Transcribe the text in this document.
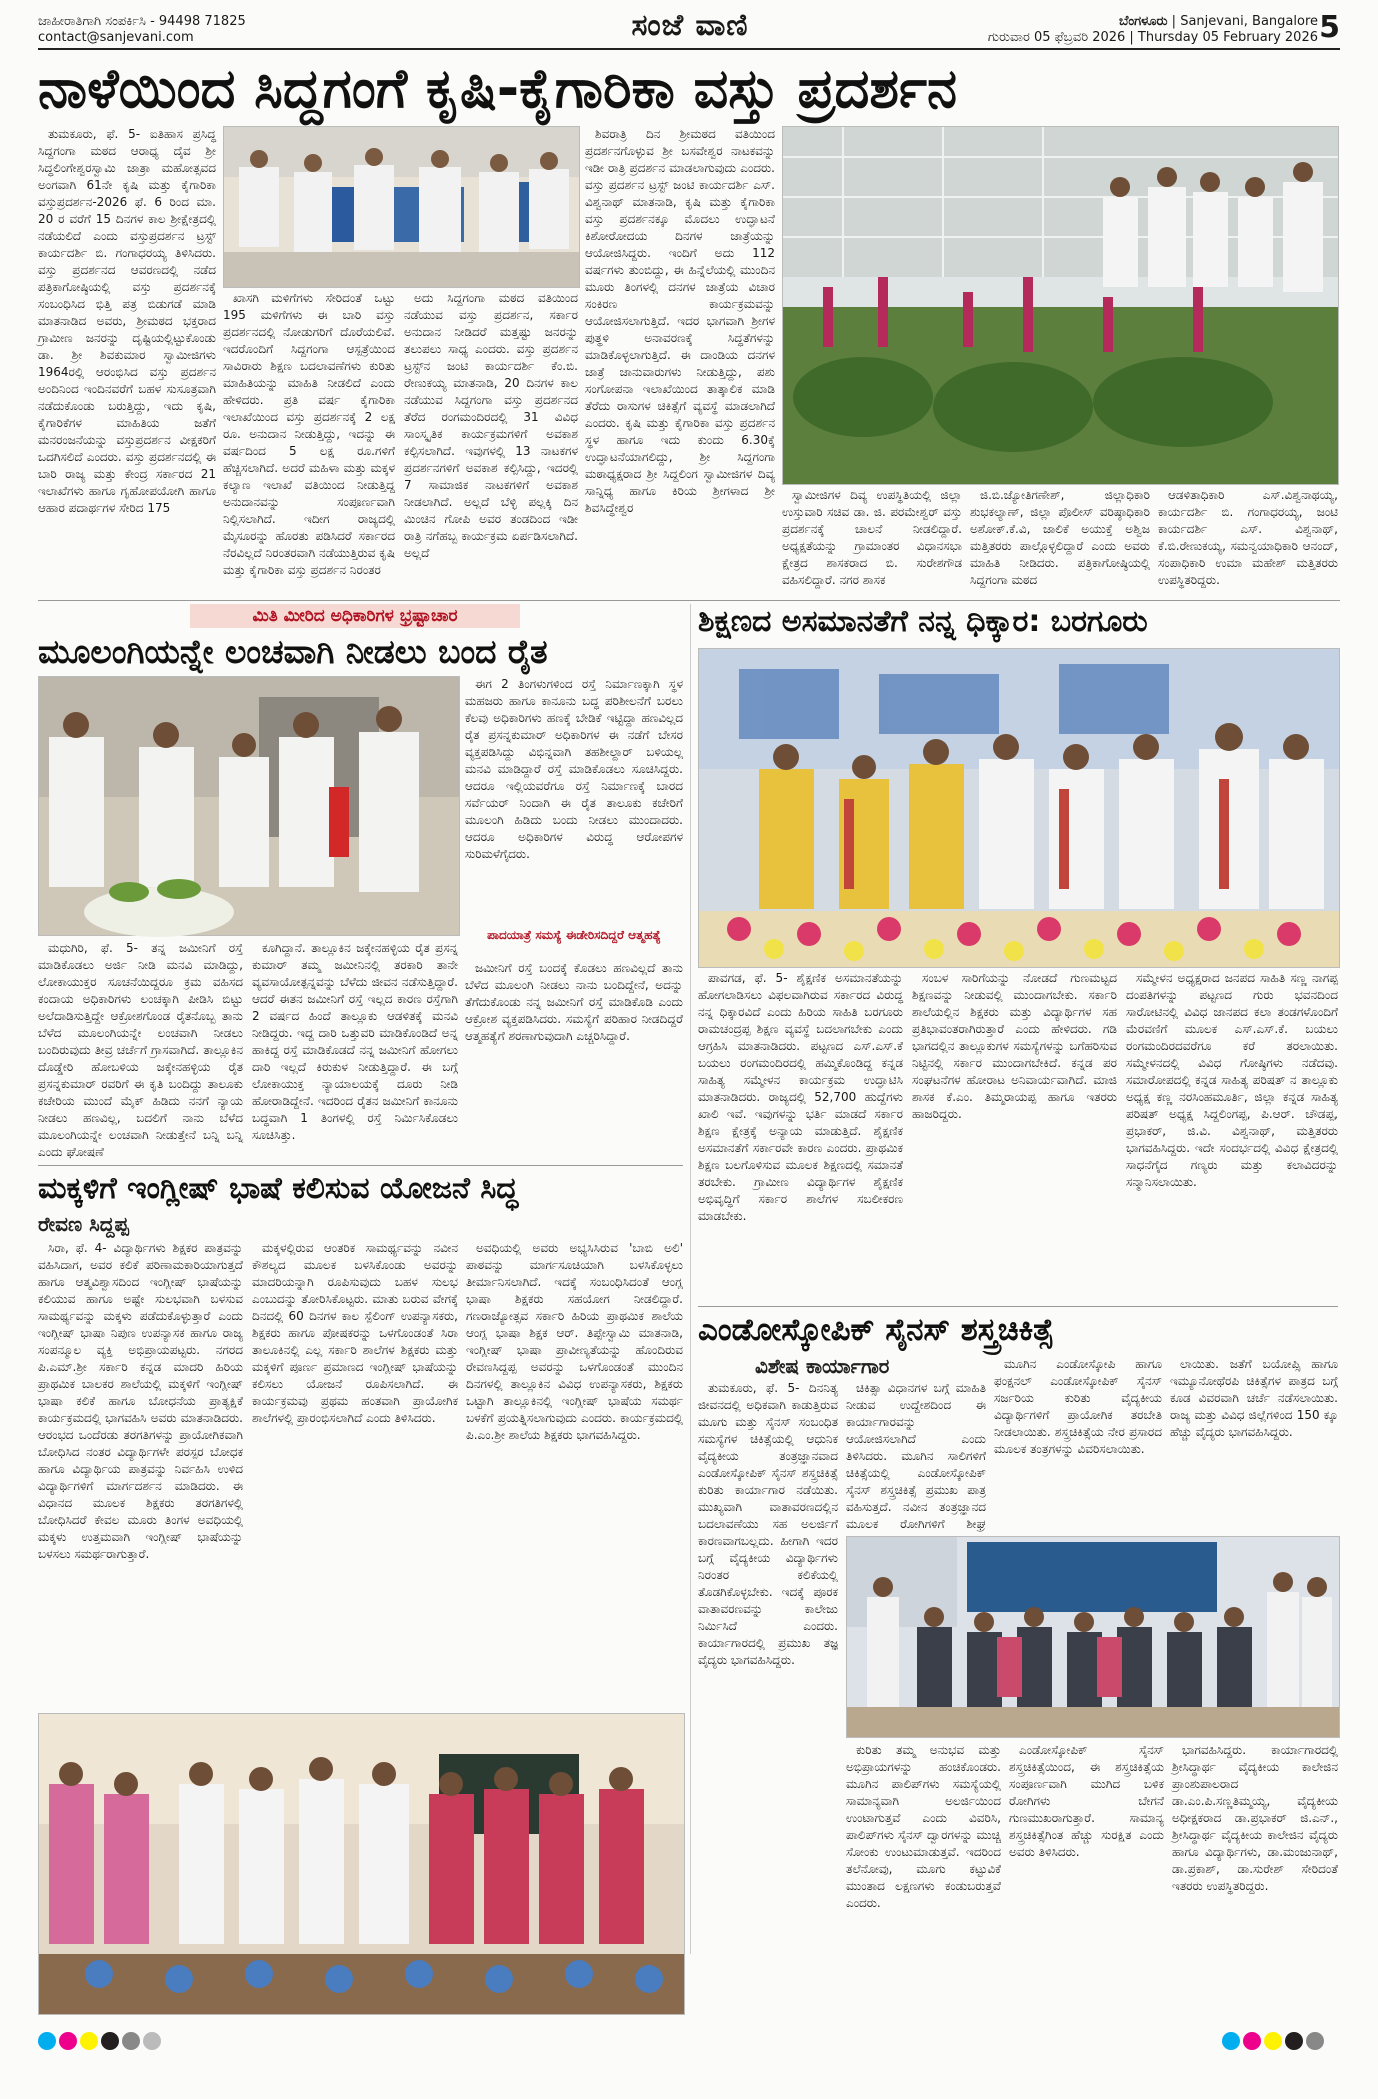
ಜಾಹೀರಾತಿಗಾಗಿ ಸಂಪರ್ಕಿಸಿ - 94498 71825
contact@sanjevani.com	ಸಂಜೆ ವಾಣಿ	ಬೆಂಗಳೂರು | Sanjevani, Bangalore
ಗುರುವಾರ 05 ಫೆಬ್ರವರಿ 2026 | Thursday 05 February 2026 5
ನಾಳೆಯಿಂದ ಸಿದ್ದಗಂಗೆ ಕೃಷಿ-ಕೈಗಾರಿಕಾ ವಸ್ತು ಪ್ರದರ್ಶನ

ತುಮಕೂರು, ಫೆ. 5- ಐತಿಹಾಸ ಪ್ರಸಿದ್ಧ ಸಿದ್ದಗಂಗಾ ಮಠದ ಆರಾಧ್ಯ ದೈವ ಶ್ರೀ ಸಿದ್ಧಲಿಂಗೇಶ್ವರಸ್ವಾಮಿ ಜಾತ್ರಾ ಮಹೋತ್ಸವದ ಅಂಗವಾಗಿ 61ನೇ ಕೃಷಿ ಮತ್ತು ಕೈಗಾರಿಕಾ ವಸ್ತುಪ್ರದರ್ಶನ-2026 ಫೆ. 6 ರಿಂದ ಮಾ. 20 ರ ವರೆಗೆ 15 ದಿನಗಳ ಕಾಲ ಶ್ರೀಕ್ಷೇತ್ರದಲ್ಲಿ ನಡೆಯಲಿದೆ ಎಂದು ವಸ್ತುಪ್ರದರ್ಶನ ಟ್ರಸ್ಟ್ ಕಾರ್ಯದರ್ಶಿ ಬಿ. ಗಂಗಾಧರಯ್ಯ ತಿಳಿಸಿದರು. ವಸ್ತು ಪ್ರದರ್ಶನದ ಆವರಣದಲ್ಲಿ ನಡೆದ ಪತ್ರಿಕಾಗೋಷ್ಠಿಯಲ್ಲಿ ವಸ್ತು ಪ್ರದರ್ಶನಕ್ಕೆ ಸಂಬಂಧಿಸಿದ ಭಿತ್ತಿ ಪತ್ರ ಬಿಡುಗಡೆ ಮಾಡಿ ಮಾತನಾಡಿದ ಅವರು, ಶ್ರೀಮಠದ ಭಕ್ತರಾದ ಗ್ರಾಮೀಣ ಜನರನ್ನು ದೃಷ್ಟಿಯಲ್ಲಿಟ್ಟುಕೊಂಡು ಡಾ. ಶ್ರೀ ಶಿವಕುಮಾರ ಸ್ವಾಮೀಜಿಗಳು 1964ರಲ್ಲಿ ಆರಂಭಿಸಿದ ವಸ್ತು ಪ್ರದರ್ಶನ ಅಂದಿನಿಂದ ಇಂದಿನವರೆಗೆ ಬಹಳ ಸುಸೂತ್ರವಾಗಿ ನಡೆದುಕೊಂಡು ಬರುತ್ತಿದ್ದು, ಇದು ಕೃಷಿ, ಕೈಗಾರಿಕೆಗಳ ಮಾಹಿತಿಯ ಜತೆಗೆ ಮನರಂಜನೆಯನ್ನು ವಸ್ತುಪ್ರದರ್ಶನ ವೀಕ್ಷಕರಿಗೆ ಒದಗಿಸಲಿದೆ ಎಂದರು. ವಸ್ತು ಪ್ರದರ್ಶನದಲ್ಲಿ ಈ ಬಾರಿ ರಾಜ್ಯ ಮತ್ತು ಕೇಂದ್ರ ಸರ್ಕಾರದ 21 ಇಲಾಖೆಗಳು ಹಾಗೂ ಗೃಹೋಪಯೋಗಿ ಹಾಗೂ ಆಹಾರ ಪದಾರ್ಥಗಳ ಸೇರಿದ 175

ಖಾಸಗಿ ಮಳಿಗೆಗಳು ಸೇರಿದಂತೆ ಒಟ್ಟು 195 ಮಳಿಗೆಗಳು ಈ ಬಾರಿ ವಸ್ತು ಪ್ರದರ್ಶನದಲ್ಲಿ ನೋಡುಗರಿಗೆ ದೊರೆಯಲಿವೆ. ಇದರೊಂದಿಗೆ ಸಿದ್ದಗಂಗಾ ಆಸ್ಪತ್ರೆಯಿಂದ ಸಾವಿರಾರು ಶಿಕ್ಷಣ ಬದಲಾವಣೆಗಳು ಕುರಿತು ಮಾಹಿತಿಯನ್ನು ಮಾಹಿತಿ ನೀಡಲಿದೆ ಎಂದು ಹೇಳಿದರು. ಪ್ರತಿ ವರ್ಷ ಕೈಗಾರಿಕಾ ಇಲಾಖೆಯಿಂದ ವಸ್ತು ಪ್ರದರ್ಶನಕ್ಕೆ 2 ಲಕ್ಷ ರೂ. ಅನುದಾನ ನೀಡುತ್ತಿದ್ದು, ಇದನ್ನು ಈ ವರ್ಷದಿಂದ 5 ಲಕ್ಷ ರೂ.ಗಳಿಗೆ ಹೆಚ್ಚಿಸಲಾಗಿದೆ. ಅದರೆ ಮಹಿಳಾ ಮತ್ತು ಮಕ್ಕಳ ಕಲ್ಯಾಣ ಇಲಾಖೆ ವತಿಯಿಂದ ನೀಡುತ್ತಿದ್ದ ಅನುದಾನವನ್ನು ಸಂಪೂರ್ಣವಾಗಿ ನಿಲ್ಲಿಸಲಾಗಿದೆ. ಇದೀಗ ರಾಜ್ಯದಲ್ಲಿ ಮೈಸೂರನ್ನು ಹೊರತು ಪಡಿಸಿದರೆ ಸರ್ಕಾರದ ನೆರವಿಲ್ಲದೆ ನಿರಂತರವಾಗಿ ನಡೆಯುತ್ತಿರುವ ಕೃಷಿ ಮತ್ತು ಕೈಗಾರಿಕಾ ವಸ್ತು ಪ್ರದರ್ಶನ ನಿರಂತರ

ಅದು ಸಿದ್ದಗಂಗಾ ಮಠದ ವತಿಯಿಂದ ನಡೆಯುವ ವಸ್ತು ಪ್ರದರ್ಶನ, ಸರ್ಕಾರ ಅನುದಾನ ನೀಡಿದರೆ ಮತ್ತಷ್ಟು ಜನರನ್ನು ತಲುಪಲು ಸಾಧ್ಯ ಎಂದರು. ವಸ್ತು ಪ್ರದರ್ಶನ ಟ್ರಸ್ಟ್‌ನ ಜಂಟಿ ಕಾರ್ಯದರ್ಶಿ ಕೆಂ.ಬಿ. ರೇಣುಕಯ್ಯ ಮಾತನಾಡಿ, 20 ದಿನಗಳ ಕಾಲ ನಡೆಯುವ ಸಿದ್ದಗಂಗಾ ವಸ್ತು ಪ್ರದರ್ಶನದ ತೆರೆದ ರಂಗಮಂದಿರದಲ್ಲಿ 31 ವಿವಿಧ ಸಾಂಸ್ಕೃತಿಕ ಕಾರ್ಯಕ್ರಮಗಳಿಗೆ ಅವಕಾಶ ಕಲ್ಪಿಸಲಾಗಿದೆ. ಇವುಗಳಲ್ಲಿ 13 ನಾಟಕಗಳ ಪ್ರದರ್ಶನಗಳಿಗೆ ಅವಕಾಶ ಕಲ್ಪಿಸಿದ್ದು, ಇದರಲ್ಲಿ 7 ಸಾಮಾಜಿಕ ನಾಟಕಗಳಿಗೆ ಅವಕಾಶ ನೀಡಲಾಗಿದೆ. ಅಲ್ಲದೆ ಬೆಳ್ಳಿ ಪಲ್ಲಕ್ಕಿ ದಿನ ಮಿಂಚಿನ ಗೋಪಿ ಅವರ ತಂಡದಿಂದ ಇಡೀ ರಾತ್ರಿ ನಗೆಹಬ್ಬ ಕಾರ್ಯಕ್ರಮ ಏರ್ಪಡಿಸಲಾಗಿದೆ. ಅಲ್ಲದೆ

ಶಿವರಾತ್ರಿ ದಿನ ಶ್ರೀಮಠದ ವತಿಯಿಂದ ಪ್ರದರ್ಶನಗೊಳ್ಳುವ ಶ್ರೀ ಬಸವೇಶ್ವರ ನಾಟಕವನ್ನು ಇಡೀ ರಾತ್ರಿ ಪ್ರದರ್ಶನ ಮಾಡಲಾಗುವುದು ಎಂದರು. ವಸ್ತು ಪ್ರದರ್ಶನ ಟ್ರಸ್ಟ್ ಜಂಟಿ ಕಾರ್ಯದರ್ಶಿ ಎಸ್. ವಿಶ್ವನಾಥ್ ಮಾತನಾಡಿ, ಕೃಷಿ ಮತ್ತು ಕೈಗಾರಿಕಾ ವಸ್ತು ಪ್ರದರ್ಶನಕ್ಕೂ ಮೊದಲು ಉದ್ಘಾಟನೆ ಕಿಶೋರೋದಯ ದಿನಗಳ ಜಾತ್ರೆಯನ್ನು ಆಯೋಜಿಸಿದ್ದರು. ಇಂದಿಗೆ ಅದು 112 ವರ್ಷಗಳು ತುಂಬಿದ್ದು, ಈ ಹಿನ್ನೆಲೆಯಲ್ಲಿ ಮುಂದಿನ ಮೂರು ತಿಂಗಳಲ್ಲಿ ದನಗಳ ಜಾತ್ರೆಯ ವಿಚಾರ ಸಂಕಿರಣ ಕಾರ್ಯಕ್ರಮವನ್ನು ಆಯೋಜಿಸಲಾಗುತ್ತಿದೆ. ಇದರ ಭಾಗವಾಗಿ ಶ್ರೀಗಳ ಪುತ್ಥಳಿ ಅನಾವರಣಕ್ಕೆ ಸಿದ್ಧತೆಗಳನ್ನು ಮಾಡಿಕೊಳ್ಳಲಾಗುತ್ತಿದೆ. ಈ ದಾಂಡಿಯ ದನಗಳ ಜಾತ್ರೆ ಜಾನುವಾರುಗಳು ನೀಡುತ್ತಿದ್ದು, ಪಶು ಸಂಗೋಪನಾ ಇಲಾಖೆಯಿಂದ ತಾತ್ಕಾಲಿಕ ಮಾಡಿ ತೆರೆದು ರಾಸುಗಳ ಚಿಕಿತ್ಸೆಗೆ ವ್ಯವಸ್ಥೆ ಮಾಡಲಾಗಿದೆ ಎಂದರು. ಕೃಷಿ ಮತ್ತು ಕೈಗಾರಿಕಾ ವಸ್ತು ಪ್ರದರ್ಶನ ಸ್ಥಳ ಹಾಗೂ ಇದು ಕುಂದು 6.30ಕ್ಕೆ ಉದ್ಘಾಟನೆಯಾಗಲಿದ್ದು, ಶ್ರೀ ಸಿದ್ದಗಂಗಾ ಮಠಾಧ್ಯಕ್ಷರಾದ ಶ್ರೀ ಸಿದ್ದಲಿಂಗ ಸ್ವಾಮೀಜಿಗಳ ದಿವ್ಯ ಸಾನ್ನಿಧ್ಯ ಹಾಗೂ ಕಿರಿಯ ಶ್ರೀಗಳಾದ ಶ್ರೀ ಶಿವಸಿದ್ಧೇಶ್ವರ

ಸ್ವಾಮೀಜಿಗಳ ದಿವ್ಯ ಉಪಸ್ಥಿತಿಯಲ್ಲಿ ಜಿಲ್ಲಾ ಉಸ್ತುವಾರಿ ಸಚಿವ ಡಾ. ಜಿ. ಪರಮೇಶ್ವರ್ ವಸ್ತು ಪ್ರದರ್ಶನಕ್ಕೆ ಚಾಲನೆ ನೀಡಲಿದ್ದಾರೆ. ಅಧ್ಯಕ್ಷತೆಯನ್ನು ಗ್ರಾಮಾಂತರ ವಿಧಾನಸಭಾ ಕ್ಷೇತ್ರದ ಶಾಸಕರಾದ ಬಿ. ಸುರೇಶಗೌಡ ವಹಿಸಲಿದ್ದಾರೆ. ನಗರ ಶಾಸಕ

ಜಿ.ಬಿ.ಜ್ಯೋತಿಗಣೇಶ್, ಜಿಲ್ಲಾಧಿಕಾರಿ ಶುಭಕಲ್ಯಾಣ್, ಜಿಲ್ಲಾ ಪೊಲೀಸ್ ವರಿಷ್ಠಾಧಿಕಾರಿ ಅಶೋಕ್.ಕೆ.ವಿ, ಜಾಲಿಕೆ ಅಯುಕ್ತೆ ಅಶ್ವಿಜ ಮತ್ತಿತರರು ಪಾಲ್ಗೊಳ್ಳಲಿದ್ದಾರೆ ಎಂದು ಅವರು ಮಾಹಿತಿ ನೀಡಿದರು. ಪತ್ರಿಕಾಗೋಷ್ಠಿಯಲ್ಲಿ ಸಿದ್ದಗಂಗಾ ಮಠದ

ಆಡಳಿತಾಧಿಕಾರಿ ಎಸ್.ವಿಶ್ವನಾಥಯ್ಯ, ಕಾರ್ಯದರ್ಶಿ ಬಿ. ಗಂಗಾಧರಯ್ಯ, ಜಂಟಿ ಕಾರ್ಯದರ್ಶಿ ಎಸ್. ವಿಶ್ವನಾಥ್, ಕೆ.ಬಿ.ರೇಣುಕಯ್ಯ, ಸಮನ್ವಯಾಧಿಕಾರಿ ಆನಂದ್, ಸಂಪಾಧಿಕಾರಿ ಉಮಾ ಮಹೇಶ್ ಮತ್ತಿತರರು ಉಪಸ್ಥಿತರಿದ್ದರು.

ಮಿತಿ ಮೀರಿದ ಅಧಿಕಾರಿಗಳ ಭ್ರಷ್ಟಾಚಾರ
ಮೂಲಂಗಿಯನ್ನೇ ಲಂಚವಾಗಿ ನೀಡಲು ಬಂದ ರೈತ

ಈಗ 2 ತಿಂಗಳುಗಳಿಂದ ರಸ್ತೆ ನಿರ್ಮಾಣಕ್ಕಾಗಿ ಸ್ಥಳ ಮಹಜರು ಹಾಗೂ ಕಾನೂನು ಬದ್ಧ ಪರಿಶೀಲನೆಗೆ ಬರಲು ಕೆಲವು ಅಧಿಕಾರಿಗಳು ಹಣಕ್ಕೆ ಬೇಡಿಕೆ ಇಟ್ಟಿದ್ದಾ ಹಣವಿಲ್ಲದ ರೈತ ಪ್ರಸನ್ನಕುಮಾರ್ ಅಧಿಕಾರಿಗಳ ಈ ನಡೆಗೆ ಬೇಸರ ವ್ಯಕ್ತಪಡಿಸಿದ್ದು ವಿಭಿನ್ನವಾಗಿ ತಹಶೀಲ್ದಾರ್ ಬಳಿಯಲ್ಲ ಮನವಿ ಮಾಡಿದ್ದಾರೆ ರಸ್ತೆ ಮಾಡಿಕೊಡಲು ಸೂಚಿಸಿದ್ದರು. ಆದರೂ ಇಲ್ಲಿಯವರೆಗೂ ರಸ್ತೆ ನಿರ್ಮಾಣಕ್ಕೆ ಬಾರದ ಸರ್ವೆಯರ್ ನಿಂದಾಗಿ ಈ ರೈತ ತಾಲೂಕು ಕಚೇರಿಗೆ ಮೂಲಂಗಿ ಹಿಡಿದು ಬಂದು ನೀಡಲು ಮುಂದಾದರು. ಆದರೂ ಅಧಿಕಾರಿಗಳ ವಿರುದ್ಧ ಆರೋಪಗಳ ಸುರಿಮಳೆಗೈದರು.

ಪಾದಯಾತ್ರೆ ಸಮಸ್ಯೆ ಈಡೇರಿಸದಿದ್ದರೆ ಆತ್ಮಹತ್ಯೆ

ಜಮೀನಿಗೆ ರಸ್ತೆ ಬಂದಕ್ಕೆ ಕೊಡಲು ಹಣವಿಲ್ಲದೆ ತಾನು ಬೆಳೆದ ಮೂಲಂಗಿ ನೀಡಲು ನಾನು ಬಂದಿದ್ದೇನೆ, ಅದನ್ನು ತೆಗೆದುಕೊಂಡು ನನ್ನ ಜಮೀನಿಗೆ ರಸ್ತೆ ಮಾಡಿಕೊಡಿ ಎಂದು ಆಕ್ರೋಶ ವ್ಯಕ್ತಪಡಿಸಿದರು. ಸಮಸ್ಯೆಗೆ ಪರಿಹಾರ ನೀಡದಿದ್ದರೆ ಆತ್ಮಹತ್ಯೆಗೆ ಶರಣಾಗುವುದಾಗಿ ಎಚ್ಚರಿಸಿದ್ದಾರೆ.

ಮಧುಗಿರಿ, ಫೆ. 5- ತನ್ನ ಜಮೀನಿಗೆ ರಸ್ತೆ ಮಾಡಿಕೊಡಲು ಅರ್ಜಿ ನೀಡಿ ಮನವಿ ಮಾಡಿದ್ದು, ಲೋಕಾಯುಕ್ತರ ಸೂಚನೆಯಿದ್ದರೂ ಕ್ರಮ ವಹಿಸದ ಕಂದಾಯ ಅಧಿಕಾರಿಗಳು ಲಂಚಕ್ಕಾಗಿ ಪೀಡಿಸಿ ಬಿಟ್ಟು ಅಲೆದಾಡಿಸುತ್ತಿದ್ದೇ ಆಕ್ರೋಶಗೊಂಡ ರೈತನೊಬ್ಬ ತಾನು ಬೆಳೆದ ಮೂಲಂಗಿಯನ್ನೇ ಲಂಚವಾಗಿ ನೀಡಲು ಬಂದಿರುವುದು ತೀವ್ರ ಚರ್ಚೆಗೆ ಗ್ರಾಸವಾಗಿದೆ. ತಾಲ್ಲೂಕಿನ ದೊಡ್ಡೇರಿ ಹೋಬಳಿಯ ಜಕ್ಕೇನಹಳ್ಳಿಯ ರೈತ ಪ್ರಸನ್ನಕುಮಾರ್ ರವರಿಗೆ ಈ ಕೃತಿ ಬಂದಿದ್ದು ತಾಲೂಕು ಕಚೇರಿಯ ಮುಂದೆ ಮೈಕ್ ಹಿಡಿದು ನನಗೆ ನ್ಯಾಯ ನೀಡಲು ಹಣವಿಲ್ಲ, ಬದಲಿಗೆ ನಾನು ಬೆಳೆದ ಮೂಲಂಗಿಯನ್ನೇ ಲಂಚವಾಗಿ ನೀಡುತ್ತೇನೆ ಬನ್ನಿ ಬನ್ನಿ ಎಂದು ಘೋಷಣೆ

ಕೂಗಿದ್ದಾನೆ. ತಾಲ್ಲೂಕಿನ ಜಕ್ಕೇನಹಳ್ಳಿಯ ರೈತ ಪ್ರಸನ್ನ ಕುಮಾರ್ ತಮ್ಮ ಜಮೀನಿನಲ್ಲಿ ತರಕಾರಿ ತಾನೇ ವ್ಯವಸಾಯೋತ್ಪನ್ನವನ್ನು ಬೆಳೆದು ಜೀವನ ನಡೆಸುತ್ತಿದ್ದಾರೆ. ಆದರೆ ಈತನ ಜಮೀನಿಗೆ ರಸ್ತೆ ಇಲ್ಲದ ಕಾರಣ ರಸ್ತೆಗಾಗಿ 2 ವರ್ಷದ ಹಿಂದೆ ತಾಲ್ಲೂಕು ಆಡಳಿತಕ್ಕೆ ಮನವಿ ನೀಡಿದ್ದರು. ಇದ್ದ ದಾರಿ ಒತ್ತುವರಿ ಮಾಡಿಕೊಂಡಿದೆ ಅನ್ನ ಹಾಕಿದ್ದ ರಸ್ತೆ ಮಾಡಿಕೊಡದೆ ನನ್ನ ಜಮೀನಿಗೆ ಹೋಗಲು ದಾರಿ ಇಲ್ಲದೆ ಕಿರುಕುಳ ನೀಡುತ್ತಿದ್ದಾರೆ. ಈ ಬಗ್ಗೆ ಲೋಕಾಯುಕ್ತ ನ್ಯಾಯಾಲಯಕ್ಕೆ ದೂರು ನೀಡಿ ಹೋರಾಡಿದ್ದೇನೆ. ಇದರಿಂದ ರೈತನ ಜಮೀನಿಗೆ ಕಾನೂನು ಬದ್ಧವಾಗಿ 1 ತಿಂಗಳಲ್ಲಿ ರಸ್ತೆ ನಿರ್ಮಿಸಿಕೊಡಲು ಸೂಚಿಸಿತ್ತು.

ಶಿಕ್ಷಣದ ಅಸಮಾನತೆಗೆ ನನ್ನ ಧಿಕ್ಕಾರ: ಬರಗೂರು

ಪಾವಗಡ, ಫೆ. 5- ಶೈಕ್ಷಣಿಕ ಅಸಮಾನತೆಯನ್ನು ಹೋಗಲಾಡಿಸಲು ವಿಫಲವಾಗಿರುವ ಸರ್ಕಾರದ ವಿರುದ್ಧ ನನ್ನ ಧಿಕ್ಕಾರವಿದೆ ಎಂದು ಹಿರಿಯ ಸಾಹಿತಿ ಬರಗೂರು ರಾಮಚಂದ್ರಪ್ಪ ಶಿಕ್ಷಣ ವ್ಯವಸ್ಥೆ ಬದಲಾಗಬೇಕು ಎಂದು ಆಗ್ರಹಿಸಿ ಮಾತನಾಡಿದರು. ಪಟ್ಟಣದ ಎಸ್.ಎಸ್.ಕೆ ಬಯಲು ರಂಗಮಂದಿರದಲ್ಲಿ ಹಮ್ಮಿಕೊಂಡಿದ್ದ ಕನ್ನಡ ಸಾಹಿತ್ಯ ಸಮ್ಮೇಳನ ಕಾರ್ಯಕ್ರಮ ಉದ್ಘಾಟಿಸಿ ಮಾತನಾಡಿದರು. ರಾಜ್ಯದಲ್ಲಿ 52,700 ಹುದ್ದೆಗಳು ಖಾಲಿ ಇವೆ. ಇವುಗಳನ್ನು ಭರ್ತಿ ಮಾಡದೆ ಸರ್ಕಾರ ಶಿಕ್ಷಣ ಕ್ಷೇತ್ರಕ್ಕೆ ಅನ್ಯಾಯ ಮಾಡುತ್ತಿದೆ. ಶೈಕ್ಷಣಿಕ ಅಸಮಾನತೆಗೆ ಸರ್ಕಾರವೇ ಕಾರಣ ಎಂದರು. ಪ್ರಾಥಮಿಕ ಶಿಕ್ಷಣ ಬಲಗೊಳಿಸುವ ಮೂಲಕ ಶಿಕ್ಷಣದಲ್ಲಿ ಸಮಾನತೆ ತರಬೇಕು. ಗ್ರಾಮೀಣ ವಿದ್ಯಾರ್ಥಿಗಳ ಶೈಕ್ಷಣಿಕ ಅಭಿವೃದ್ಧಿಗೆ ಸರ್ಕಾರ ಶಾಲೆಗಳ ಸಬಲೀಕರಣ ಮಾಡಬೇಕು.

ಸಂಬಳ ಸಾರಿಗೆಯನ್ನು ನೋಡದೆ ಗುಣಮಟ್ಟದ ಶಿಕ್ಷಣವನ್ನು ನೀಡುವಲ್ಲಿ ಮುಂದಾಗಬೇಕು. ಸರ್ಕಾರಿ ಶಾಲೆಯಲ್ಲಿನ ಶಿಕ್ಷಕರು ಮತ್ತು ವಿದ್ಯಾರ್ಥಿಗಳ ಸಹ ಪ್ರತಿಭಾವಂತರಾಗಿರುತ್ತಾರೆ ಎಂದು ಹೇಳಿದರು. ಗಡಿ ಭಾಗದಲ್ಲಿನ ತಾಲ್ಲೂಕುಗಳ ಸಮಸ್ಯೆಗಳನ್ನು ಬಗೆಹರಿಸುವ ನಿಟ್ಟಿನಲ್ಲಿ ಸರ್ಕಾರ ಮುಂದಾಗಬೇಕಿದೆ. ಕನ್ನಡ ಪರ ಸಂಘಟನೆಗಳ ಹೋರಾಟ ಅನಿವಾರ್ಯವಾಗಿದೆ. ಮಾಜಿ ಶಾಸಕ ಕೆ.ಎಂ. ತಿಮ್ಮರಾಯಪ್ಪ ಹಾಗೂ ಇತರರು ಹಾಜರಿದ್ದರು.

ಸಮ್ಮೇಳನ ಅಧ್ಯಕ್ಷರಾದ ಜನಪದ ಸಾಹಿತಿ ಸಣ್ಣ ನಾಗಪ್ಪ ದಂಪತಿಗಳನ್ನು ಪಟ್ಟಣದ ಗುರು ಭವನದಿಂದ ಸಾರೋಟಿನಲ್ಲಿ ವಿವಿಧ ಜಾನಪದ ಕಲಾ ತಂಡಗಳೊಂದಿಗೆ ಮೆರವಣಿಗೆ ಮೂಲಕ ಎಸ್.ಎಸ್.ಕೆ. ಬಯಲು ರಂಗಮಂದಿರದವರೆಗೂ ಕರೆ ತರಲಾಯಿತು. ಸಮ್ಮೇಳನದಲ್ಲಿ ವಿವಿಧ ಗೋಷ್ಠಿಗಳು ನಡೆದವು. ಸಮಾರೋಪದಲ್ಲಿ ಕನ್ನಡ ಸಾಹಿತ್ಯ ಪರಿಷತ್ ನ ತಾಲ್ಲೂಕು ಅಧ್ಯಕ್ಷ ಕಣ್ಣ ನರಸಿಂಹಮೂರ್ತಿ, ಜಿಲ್ಲಾ ಕನ್ನಡ ಸಾಹಿತ್ಯ ಪರಿಷತ್ ಅಧ್ಯಕ್ಷ ಸಿದ್ದಲಿಂಗಪ್ಪ, ಪಿ.ಆರ್. ಚೌಡಪ್ಪ, ಪ್ರಭಾಕರ್, ಜಿ.ವಿ. ವಿಶ್ವನಾಥ್, ಮತ್ತಿತರರು ಭಾಗವಹಿಸಿದ್ದರು. ಇದೇ ಸಂದರ್ಭದಲ್ಲಿ ವಿವಿಧ ಕ್ಷೇತ್ರದಲ್ಲಿ ಸಾಧನೆಗೈದ ಗಣ್ಯರು ಮತ್ತು ಕಲಾವಿದರನ್ನು ಸನ್ಮಾನಿಸಲಾಯಿತು.

ಮಕ್ಕಳಿಗೆ ಇಂಗ್ಲೀಷ್ ಭಾಷೆ ಕಲಿಸುವ ಯೋಜನೆ ಸಿದ್ಧ
ರೇವಣ ಸಿದ್ದಪ್ಪ

ಸಿರಾ, ಫೆ. 4- ವಿದ್ಯಾರ್ಥಿಗಳು ಶಿಕ್ಷಕರ ಪಾತ್ರವನ್ನು ವಹಿಸಿದಾಗ, ಅವರ ಕಲಿಕೆ ಪರಿಣಾಮಕಾರಿಯಾಗುತ್ತದೆ ಹಾಗೂ ಆತ್ಮವಿಶ್ವಾಸದಿಂದ ಇಂಗ್ಲೀಷ್ ಭಾಷೆಯನ್ನು ಕಲಿಯುವ ಹಾಗೂ ಅಷ್ಟೇ ಸುಲಭವಾಗಿ ಬಳಸುವ ಸಾಮರ್ಥ್ಯವನ್ನು ಮಕ್ಕಳು ಪಡೆದುಕೊಳ್ಳುತ್ತಾರೆ ಎಂದು ಇಂಗ್ಲೀಷ್ ಭಾಷಾ ನಿಪುಣ ಉಪನ್ಯಾಸಕ ಹಾಗೂ ರಾಜ್ಯ ಸಂಪನ್ಮೂಲ ವ್ಯಕ್ತಿ ಅಭಿಪ್ರಾಯಪಟ್ಟರು. ನಗರದ ಪಿ.ಎಮ್.ಶ್ರೀ ಸರ್ಕಾರಿ ಕನ್ನಡ ಮಾದರಿ ಹಿರಿಯ ಪ್ರಾಥಮಿಕ ಬಾಲಕರ ಶಾಲೆಯಲ್ಲಿ ಮಕ್ಕಳಿಗೆ ಇಂಗ್ಲೀಷ್ ಭಾಷಾ ಕಲಿಕೆ ಹಾಗೂ ಬೋಧನೆಯ ಪ್ರಾತ್ಯಕ್ಷಿಕೆ ಕಾರ್ಯಕ್ರಮದಲ್ಲಿ ಭಾಗವಹಿಸಿ ಅವರು ಮಾತನಾಡಿದರು. ಆರಂಭದ ಒಂದೆರಡು ತರಗತಿಗಳನ್ನು ಪ್ರಾಯೋಗಿಕವಾಗಿ ಬೋಧಿಸಿದ ನಂತರ ವಿದ್ಯಾರ್ಥಿಗಳೇ ಪರಸ್ಪರ ಬೋಧಕ ಹಾಗೂ ವಿದ್ಯಾರ್ಥಿಯ ಪಾತ್ರವನ್ನು ನಿರ್ವಹಿಸಿ ಉಳಿದ ವಿದ್ಯಾರ್ಥಿಗಳಿಗೆ ಮಾರ್ಗದರ್ಶನ ಮಾಡಿದರು. ಈ ವಿಧಾನದ ಮೂಲಕ ಶಿಕ್ಷಕರು ತರಗತಿಗಳಲ್ಲಿ ಬೋಧಿಸಿದರೆ ಕೇವಲ ಮೂರು ತಿಂಗಳ ಅವಧಿಯಲ್ಲಿ ಮಕ್ಕಳು ಉತ್ತಮವಾಗಿ ಇಂಗ್ಲೀಷ್ ಭಾಷೆಯನ್ನು ಬಳಸಲು ಸಮರ್ಥರಾಗುತ್ತಾರೆ.

ಮಕ್ಕಳಲ್ಲಿರುವ ಆಂತರಿಕ ಸಾಮರ್ಥ್ಯವನ್ನು ನವೀನ ಕೌಶಲ್ಯದ ಮೂಲಕ ಬಳಸಿಕೊಂಡು ಅವರನ್ನು ಮಾದರಿಯನ್ನಾಗಿ ರೂಪಿಸುವುದು ಬಹಳ ಸುಲಭ ಎಂಬುದನ್ನು ತೋರಿಸಿಕೊಟ್ಟರು. ಮಾತು ಬರುವ ವೇಗಕ್ಕೆ ದಿನದಲ್ಲಿ 60 ದಿನಗಳ ಕಾಲ ಸ್ಪೆಲಿಂಗ್ ಉಪನ್ಯಾಸಕರು, ಶಿಕ್ಷಕರು ಹಾಗೂ ಪೋಷಕರನ್ನು ಒಳಗೊಂಡಂತೆ ಸಿರಾ ತಾಲೂಕಿನಲ್ಲಿ ಎಲ್ಲ ಸರ್ಕಾರಿ ಶಾಲೆಗಳ ಶಿಕ್ಷಕರು ಮತ್ತು ಮಕ್ಕಳಿಗೆ ಪೂರ್ಣ ಪ್ರಮಾಣದ ಇಂಗ್ಲೀಷ್ ಭಾಷೆಯನ್ನು ಕಲಿಸಲು ಯೋಜನೆ ರೂಪಿಸಲಾಗಿದೆ. ಈ ಕಾರ್ಯಕ್ರಮವು ಪ್ರಥಮ ಹಂತವಾಗಿ ಪ್ರಾಯೋಗಿಕ ಶಾಲೆಗಳಲ್ಲಿ ಪ್ರಾರಂಭಿಸಲಾಗಿದೆ ಎಂದು ತಿಳಿಸಿದರು.

ಅವಧಿಯಲ್ಲಿ ಅವರು ಅಭ್ಯಸಿಸಿರುವ 'ಬಾಬಿ ಅಲಿ' ಪಾಠವನ್ನು ಮಾರ್ಗಸೂಚಿಯಾಗಿ ಬಳಸಿಕೊಳ್ಳಲು ತೀರ್ಮಾನಿಸಲಾಗಿದೆ. ಇದಕ್ಕೆ ಸಂಬಂಧಿಸಿದಂತೆ ಆಂಗ್ಲ ಭಾಷಾ ಶಿಕ್ಷಕರು ಸಹಯೋಗ ನೀಡಲಿದ್ದಾರೆ. ಗಣರಾಜ್ಯೋತ್ಸವ ಸರ್ಕಾರಿ ಹಿರಿಯ ಪ್ರಾಥಮಿಕ ಶಾಲೆಯ ಆಂಗ್ಲ ಭಾಷಾ ಶಿಕ್ಷಕ ಆರ್. ತಿಪ್ಪೇಸ್ವಾಮಿ ಮಾತನಾಡಿ, ಇಂಗ್ಲೀಷ್ ಭಾಷಾ ಪ್ರಾವೀಣ್ಯತೆಯನ್ನು ಹೊಂದಿರುವ ರೇವಣಸಿದ್ದಪ್ಪ ಅವರನ್ನು ಒಳಗೊಂಡಂತೆ ಮುಂದಿನ ದಿನಗಳಲ್ಲಿ ತಾಲ್ಲೂಕಿನ ವಿವಿಧ ಉಪನ್ಯಾಸಕರು, ಶಿಕ್ಷಕರು ಒಟ್ಟಾಗಿ ತಾಲ್ಲೂಕಿನಲ್ಲಿ ಇಂಗ್ಲೀಷ್ ಭಾಷೆಯ ಸಮರ್ಥ ಬಳಕೆಗೆ ಪ್ರಯತ್ನಿಸಲಾಗುವುದು ಎಂದರು. ಕಾರ್ಯಕ್ರಮದಲ್ಲಿ ಪಿ.ಎಂ.ಶ್ರೀ ಶಾಲೆಯ ಶಿಕ್ಷಕರು ಭಾಗವಹಿಸಿದ್ದರು.

ಎಂಡೋಸ್ಕೋಪಿಕ್ ಸೈನಸ್ ಶಸ್ತ್ರಚಿಕಿತ್ಸೆ
ವಿಶೇಷ ಕಾರ್ಯಾಗಾರ

ತುಮಕೂರು, ಫೆ. 5- ದಿನನಿತ್ಯ ಜೀವನದಲ್ಲಿ ಅಧಿಕವಾಗಿ ಕಾಡುತ್ತಿರುವ ಮೂಗು ಮತ್ತು ಸೈನಸ್ ಸಂಬಂಧಿತ ಸಮಸ್ಯೆಗಳ ಚಿಕಿತ್ಸೆಯಲ್ಲಿ ಆಧುನಿಕ ವೈದ್ಯಕೀಯ ತಂತ್ರಜ್ಞಾನವಾದ ಎಂಡೋಸ್ಕೋಪಿಕ್ ಸೈನಸ್ ಶಸ್ತ್ರಚಿಕಿತ್ಸೆ ಕುರಿತು ಕಾರ್ಯಾಗಾರ ನಡೆಯಿತು. ಮುಖ್ಯವಾಗಿ ವಾತಾವರಣದಲ್ಲಿನ ಬದಲಾವಣೆಯು ಸಹ ಅಲರ್ಜಿಗೆ ಕಾರಣವಾಗಬಲ್ಲದು. ಹೀಗಾಗಿ ಇದರ ಬಗ್ಗೆ ವೈದ್ಯಕೀಯ ವಿದ್ಯಾರ್ಥಿಗಳು ನಿರಂತರ ಕಲಿಕೆಯಲ್ಲಿ ತೊಡಗಿಕೊಳ್ಳಬೇಕು. ಇದಕ್ಕೆ ಪೂರಕ ವಾತಾವರಣವನ್ನು ಕಾಲೇಜು ನಿರ್ಮಿಸಿದೆ ಎಂದರು. ಕಾರ್ಯಾಗಾರದಲ್ಲಿ ಪ್ರಮುಖ ತಜ್ಞ ವೈದ್ಯರು ಭಾಗವಹಿಸಿದ್ದರು.

ಚಿಕಿತ್ಸಾ ವಿಧಾನಗಳ ಬಗ್ಗೆ ಮಾಹಿತಿ ನೀಡುವ ಉದ್ದೇಶದಿಂದ ಈ ಕಾರ್ಯಾಗಾರವನ್ನು ಆಯೋಜಿಸಲಾಗಿದೆ ಎಂದು ತಿಳಿಸಿದರು. ಮೂಗಿನ ಸಾಲಿಗಳಿಗೆ ಚಿಕಿತ್ಸೆಯಲ್ಲಿ ಎಂಡೋಸ್ಕೋಪಿಕ್ ಸೈನಸ್ ಶಸ್ತ್ರಚಿಕಿತ್ಸೆ ಪ್ರಮುಖ ಪಾತ್ರ ವಹಿಸುತ್ತದೆ. ನವೀನ ತಂತ್ರಜ್ಞಾನದ ಮೂಲಕ ರೋಗಿಗಳಿಗೆ ಶೀಘ್ರ

ಮೂಗಿನ ಎಂಡೋಸ್ಕೋಪಿ ಹಾಗೂ ಫಂಕ್ಷನಲ್ ಎಂಡೋಸ್ಕೋಪಿಕ್ ಸೈನಸ್ ಸರ್ಜರಿಯ ಕುರಿತು ವೈದ್ಯಕೀಯ ವಿದ್ಯಾರ್ಥಿಗಳಿಗೆ ಪ್ರಾಯೋಗಿಕ ತರಬೇತಿ ನೀಡಲಾಯಿತು. ಶಸ್ತ್ರಚಿಕಿತ್ಸೆಯ ನೇರ ಪ್ರಸಾರದ ಮೂಲಕ ತಂತ್ರಗಳನ್ನು ವಿವರಿಸಲಾಯಿತು.

ಲಾಯಿತು. ಜತೆಗೆ ಬಯೋಪ್ಸಿ ಹಾಗೂ ಇಮ್ಯೂನೋಥೆರಪಿ ಚಿಕಿತ್ಸೆಗಳ ಪಾತ್ರದ ಬಗ್ಗೆ ಕೂಡ ವಿವರವಾಗಿ ಚರ್ಚೆ ನಡೆಸಲಾಯಿತು. ರಾಜ್ಯ ಮತ್ತು ವಿವಿಧ ಜಿಲ್ಲೆಗಳಿಂದ 150 ಕ್ಕೂ ಹೆಚ್ಚು ವೈದ್ಯರು ಭಾಗವಹಿಸಿದ್ದರು.

ಕುರಿತು ತಮ್ಮ ಅನುಭವ ಮತ್ತು ಅಭಿಪ್ರಾಯಗಳನ್ನು ಹಂಚಿಕೊಂಡರು. ಮೂಗಿನ ಪಾಲಿಪ್‌ಗಳು ಸಮಸ್ಯೆಯಲ್ಲಿ ಸಾಮಾನ್ಯವಾಗಿ ಅಲರ್ಜಿಯಿಂದ ಉಂಟಾಗುತ್ತವೆ ಎಂದು ವಿವರಿಸಿ, ಪಾಲಿಪ್‌ಗಳು ಸೈನಸ್ ದ್ವಾರಗಳನ್ನು ಮುಚ್ಚಿ ಸೋಂಕು ಉಂಟುಮಾಡುತ್ತವೆ. ಇದರಿಂದ ತಲೆನೋವು, ಮೂಗು ಕಟ್ಟುವಿಕೆ ಮುಂತಾದ ಲಕ್ಷಣಗಳು ಕಂಡುಬರುತ್ತವೆ ಎಂದರು.

ಎಂಡೋಸ್ಕೋಪಿಕ್ ಸೈನಸ್ ಶಸ್ತ್ರಚಿಕಿತ್ಸೆಯಿಂದ, ಈ ಶಸ್ತ್ರಚಿಕಿತ್ಸೆಯ ಸಂಪೂರ್ಣವಾಗಿ ಮುಗಿದ ಬಳಿಕ ರೋಗಿಗಳು ಬೇಗನೆ ಗುಣಮುಖರಾಗುತ್ತಾರೆ. ಸಾಮಾನ್ಯ ಶಸ್ತ್ರಚಿಕಿತ್ಸೆಗಿಂತ ಹೆಚ್ಚು ಸುರಕ್ಷಿತ ಎಂದು ಅವರು ತಿಳಿಸಿದರು.

ಭಾಗವಹಿಸಿದ್ದರು. ಕಾರ್ಯಾಗಾರದಲ್ಲಿ ಶ್ರೀಸಿದ್ಧಾರ್ಥ ವೈದ್ಯಕೀಯ ಕಾಲೇಜಿನ ಪ್ರಾಂಶುಪಾಲರಾದ ಡಾ.ಎಂ.ಪಿ.ಸಣ್ಣತಿಮ್ಮಯ್ಯ, ವೈದ್ಯಕೀಯ ಅಧೀಕ್ಷಕರಾದ ಡಾ.ಪ್ರಭಾಕರ್ ಜಿ.ಎನ್., ಶ್ರೀಸಿದ್ಧಾರ್ಥ ವೈದ್ಯಕೀಯ ಕಾಲೇಜಿನ ವೈದ್ಯರು ಹಾಗೂ ವಿದ್ಯಾರ್ಥಿಗಳು, ಡಾ.ಮಂಜುನಾಥ್, ಡಾ.ಪ್ರಕಾಶ್, ಡಾ.ಸುರೇಶ್ ಸೇರಿದಂತೆ ಇತರರು ಉಪಸ್ಥಿತರಿದ್ದರು.
